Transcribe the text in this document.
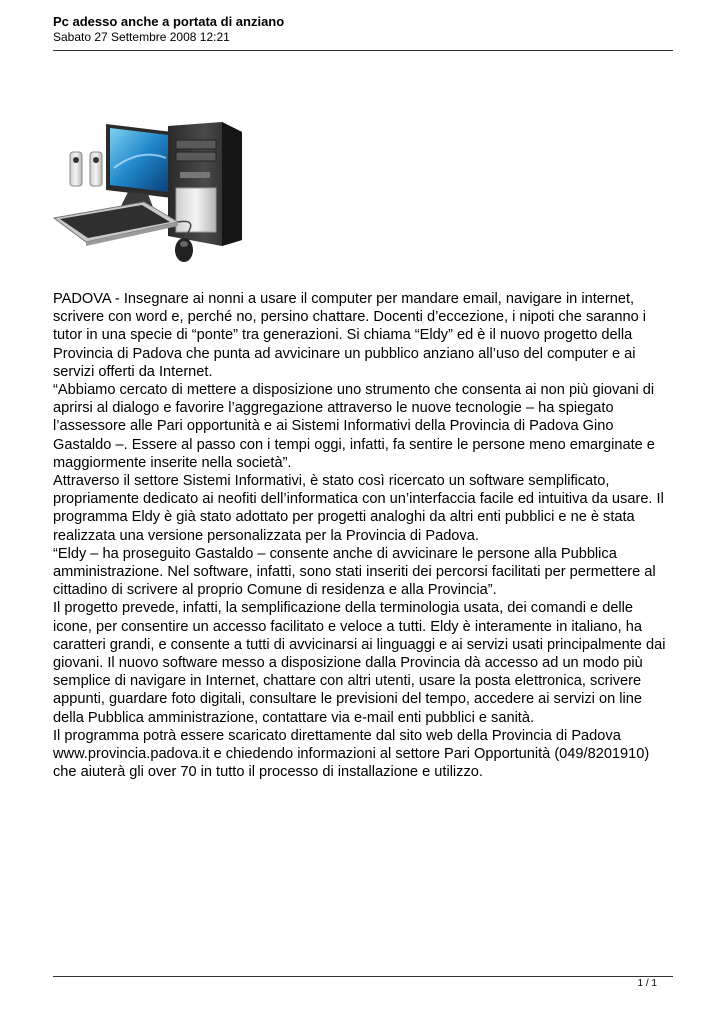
Pc adesso anche a portata di anziano
Sabato 27 Settembre 2008 12:21

PADOVA - Insegnare ai nonni a usare il computer per mandare email, navigare in internet, scrivere con word e, perché no, persino chattare. Docenti d’eccezione, i nipoti che saranno i tutor in una specie di “ponte” tra generazioni. Si chiama “Eldy” ed è il nuovo progetto della Provincia di Padova che punta ad avvicinare un pubblico anziano all’uso del computer e ai servizi offerti da Internet.

“Abbiamo cercato di mettere a disposizione uno strumento che consenta ai non più giovani di aprirsi al dialogo e favorire l’aggregazione attraverso le nuove tecnologie – ha spiegato l’assessore alle Pari opportunità e ai Sistemi Informativi della Provincia di Padova Gino Gastaldo –. Essere al passo con i tempi oggi, infatti, fa sentire le persone meno emarginate e maggiormente inserite nella società”.

Attraverso il settore Sistemi Informativi, è stato così ricercato un software semplificato, propriamente dedicato ai neofiti dell’informatica con un’interfaccia facile ed intuitiva da usare. Il programma Eldy è già stato adottato per progetti analoghi da altri enti pubblici e ne è stata realizzata una versione personalizzata per la Provincia di Padova.

“Eldy – ha proseguito Gastaldo – consente anche di avvicinare le persone alla Pubblica amministrazione. Nel software, infatti, sono stati inseriti dei percorsi facilitati per permettere al cittadino di scrivere al proprio Comune di residenza e alla Provincia”.

Il progetto prevede, infatti, la semplificazione della terminologia usata, dei comandi e delle icone, per consentire un accesso facilitato e veloce a tutti. Eldy è interamente in italiano, ha caratteri grandi, e consente a tutti di avvicinarsi ai linguaggi e ai servizi usati principalmente dai giovani. Il nuovo software messo a disposizione dalla Provincia dà accesso ad un modo più semplice di navigare in Internet, chattare con altri utenti, usare la posta elettronica, scrivere appunti, guardare foto digitali, consultare le previsioni del tempo, accedere ai servizi on line della Pubblica amministrazione, contattare via e-mail enti pubblici e sanità.

Il programma potrà essere scaricato direttamente dal sito web della Provincia di Padova www.provincia.padova.it e chiedendo informazioni al settore Pari Opportunità (049/8201910) che aiuterà gli over 70 in tutto il processo di installazione e utilizzo.

1 / 1
